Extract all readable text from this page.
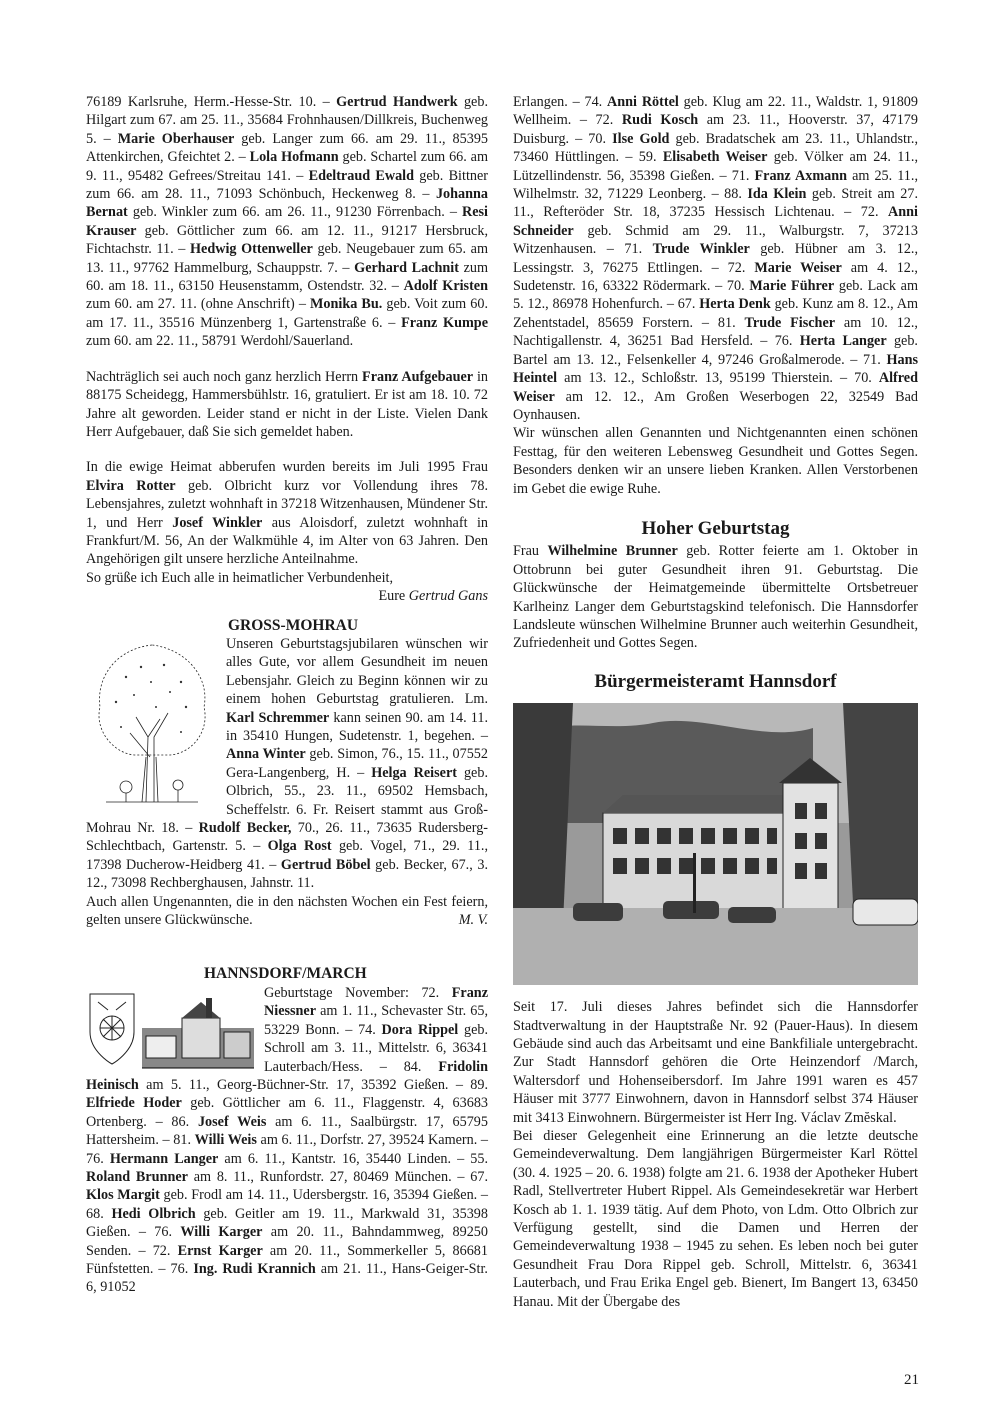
76189 Karlsruhe, Herm.-Hesse-Str. 10. – Gertrud Handwerk geb. Hilgart zum 67. am 25. 11., 35684 Frohnhausen/Dillkreis, Buchenweg 5. – Marie Oberhauser geb. Langer zum 66. am 29. 11., 85395 Attenkirchen, Gfeichtet 2. – Lola Hofmann geb. Schartel zum 66. am 9. 11., 95482 Gefrees/Streitau 141. – Edeltraud Ewald geb. Bittner zum 66. am 28. 11., 71093 Schönbuch, Heckenweg 8. – Johanna Bernat geb. Winkler zum 66. am 26. 11., 91230 Förrenbach. – Resi Krauser geb. Göttlicher zum 66. am 12. 11., 91217 Hersbruck, Fichtachstr. 11. – Hedwig Ottenweller geb. Neugebauer zum 65. am 13. 11., 97762 Hammelburg, Schauppstr. 7. – Gerhard Lachnit zum 60. am 18. 11., 63150 Heusenstamm, Ostendstr. 32. – Adolf Kristen zum 60. am 27. 11. (ohne Anschrift) – Monika Bu. geb. Voit zum 60. am 17. 11., 35516 Münzenberg 1, Gartenstraße 6. – Franz Kumpe zum 60. am 22. 11., 58791 Werdohl/Sauerland.

Nachträglich sei auch noch ganz herzlich Herrn Franz Aufgebauer in 88175 Scheidegg, Hammersbühlstr. 16, gratuliert. Er ist am 18. 10. 72 Jahre alt geworden. Leider stand er nicht in der Liste. Vielen Dank Herr Aufgebauer, daß Sie sich gemeldet haben.

In die ewige Heimat abberufen wurden bereits im Juli 1995 Frau Elvira Rotter geb. Olbricht kurz vor Vollendung ihres 78. Lebensjahres, zuletzt wohnhaft in 37218 Witzenhausen, Mündener Str. 1, und Herr Josef Winkler aus Aloisdorf, zuletzt wohnhaft in Frankfurt/M. 56, An der Walkmühle 4, im Alter von 63 Jahren. Den Angehörigen gilt unsere herzliche Anteilnahme.

So grüße ich Euch alle in heimatlicher Verbundenheit,

Eure Gertrud Gans

GROSS-MOHRAU

Unseren Geburtstagsjubilaren wünschen wir alles Gute, vor allem Gesundheit im neuen Lebensjahr. Gleich zu Beginn können wir zu einem hohen Geburtstag gratulieren. Lm. Karl Schremmer kann seinen 90. am 14. 11. in 35410 Hungen, Sudetenstr. 1, begehen. – Anna Winter geb. Simon, 76., 15. 11., 07552 Gera-Langenberg, H. – Helga Reisert geb. Olbrich, 55., 23. 11., 69502 Hemsbach, Scheffelstr. 6. Fr. Reisert stammt aus Groß-Mohrau Nr. 18. – Rudolf Becker, 70., 26. 11., 73635 Rudersberg-Schlechtbach, Gartenstr. 5. – Olga Rost geb. Vogel, 71., 29. 11., 17398 Ducherow-Heidberg 41. – Gertrud Böbel geb. Becker, 67., 3. 12., 73098 Rechberghausen, Jahnstr. 11.

Auch allen Ungenannten, die in den nächsten Wochen ein Fest feiern, gelten unsere Glückwünsche.	M. V.

HANNSDORF/MARCH

Geburtstage November: 72. Franz Niessner am 1. 11., Schevaster Str. 65, 53229 Bonn. – 74. Dora Rippel geb. Schroll am 3. 11., Mittelstr. 6, 36341 Lauterbach/Hess. – 84. Fridolin Heinisch am 5. 11., Georg-Büchner-Str. 17, 35392 Gießen. – 89. Elfriede Hoder geb. Göttlicher am 6. 11., Flaggenstr. 4, 63683 Ortenberg. – 86. Josef Weis am 6. 11., Saalbürgstr. 17, 65795 Hattersheim. – 81. Willi Weis am 6. 11., Dorfstr. 27, 39524 Kamern. – 76. Hermann Langer am 6. 11., Kantstr. 16, 35440 Linden. – 55. Roland Brunner am 8. 11., Runfordstr. 27, 80469 München. – 67. Klos Margit geb. Frodl am 14. 11., Udersbergstr. 16, 35394 Gießen. – 68. Hedi Olbrich geb. Geitler am 19. 11., Markwald 31, 35398 Gießen. – 76. Willi Karger am 20. 11., Bahndammweg, 89250 Senden. – 72. Ernst Karger am 20. 11., Sommerkeller 5, 86681 Fünfstetten. – 76. Ing. Rudi Krannich am 21. 11., Hans-Geiger-Str. 6, 91052

Erlangen. – 74. Anni Röttel geb. Klug am 22. 11., Waldstr. 1, 91809 Wellheim. – 72. Rudi Kosch am 23. 11., Hooverstr. 37, 47179 Duisburg. – 70. Ilse Gold geb. Bradatschek am 23. 11., Uhlandstr., 73460 Hüttlingen. – 59. Elisabeth Weiser geb. Völker am 24. 11., Lützellindenstr. 56, 35398 Gießen. – 71. Franz Axmann am 25. 11., Wilhelmstr. 32, 71229 Leonberg. – 88. Ida Klein geb. Streit am 27. 11., Refteröder Str. 18, 37235 Hessisch Lichtenau. – 72. Anni Schneider geb. Schmid am 29. 11., Walburgstr. 7, 37213 Witzenhausen. – 71. Trude Winkler geb. Hübner am 3. 12., Lessingstr. 3, 76275 Ettlingen. – 72. Marie Weiser am 4. 12., Sudetenstr. 16, 63322 Rödermark. – 70. Marie Führer geb. Lack am 5. 12., 86978 Hohenfurch. – 67. Herta Denk geb. Kunz am 8. 12., Am Zehentstadel, 85659 Forstern. – 81. Trude Fischer am 10. 12., Nachtigallenstr. 4, 36251 Bad Hersfeld. – 76. Herta Langer geb. Bartel am 13. 12., Felsenkeller 4, 97246 Großalmerode. – 71. Hans Heintel am 13. 12., Schloßstr. 13, 95199 Thierstein. – 70. Alfred Weiser am 12. 12., Am Großen Weserbogen 22, 32549 Bad Oynhausen.

Wir wünschen allen Genannten und Nichtgenannten einen schönen Festtag, für den weiteren Lebensweg Gesundheit und Gottes Segen. Besonders denken wir an unsere lieben Kranken. Allen Verstorbenen im Gebet die ewige Ruhe.

Hoher Geburtstag

Frau Wilhelmine Brunner geb. Rotter feierte am 1. Oktober in Ottobrunn bei guter Gesundheit ihren 91. Geburtstag. Die Glückwünsche der Heimatgemeinde übermittelte Ortsbetreuer Karlheinz Langer dem Geburtstagskind telefonisch. Die Hannsdorfer Landsleute wünschen Wilhelmine Brunner auch weiterhin Gesundheit, Zufriedenheit und Gottes Segen.

Bürgermeisteramt Hannsdorf

Seit 17. Juli dieses Jahres befindet sich die Hannsdorfer Stadtverwaltung in der Hauptstraße Nr. 92 (Pauer-Haus). In diesem Gebäude sind auch das Arbeitsamt und eine Bankfiliale untergebracht. Zur Stadt Hannsdorf gehören die Orte Heinzendorf /March, Waltersdorf und Hohenseibersdorf. Im Jahre 1991 waren es 457 Häuser mit 3777 Einwohnern, davon in Hannsdorf selbst 374 Häuser mit 3413 Einwohnern. Bürgermeister ist Herr Ing. Václav Zmĕskal.

Bei dieser Gelegenheit eine Erinnerung an die letzte deutsche Gemeindeverwaltung. Dem langjährigen Bürgermeister Karl Röttel (30. 4. 1925 – 20. 6. 1938) folgte am 21. 6. 1938 der Apotheker Hubert Radl, Stellvertreter Hubert Rippel. Als Gemeindesekretär war Herbert Kosch ab 1. 1. 1939 tätig. Auf dem Photo, von Ldm. Otto Olbrich zur Verfügung gestellt, sind die Damen und Herren der Gemeindeverwaltung 1938 – 1945 zu sehen. Es leben noch bei guter Gesundheit Frau Dora Rippel geb. Schroll, Mittelstr. 6, 36341 Lauterbach, und Frau Erika Engel geb. Bienert, Im Bangert 13, 63450 Hanau. Mit der Übergabe des

21
